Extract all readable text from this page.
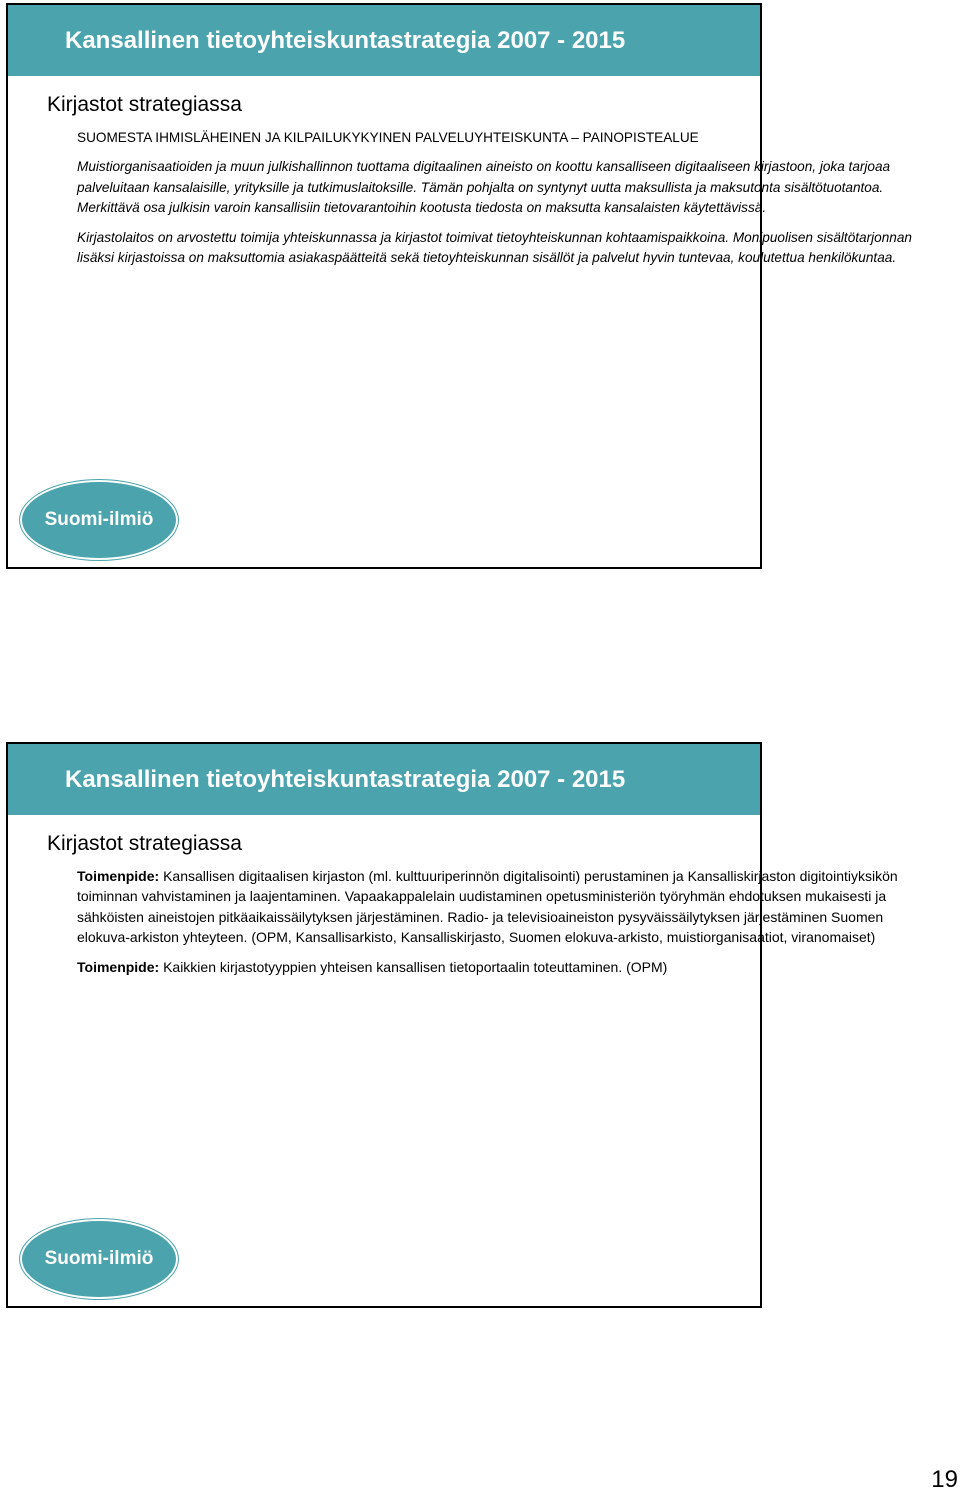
Kansallinen tietoyhteiskuntastrategia 2007 - 2015
Kirjastot strategiassa
Suomi-ilmiö

SUOMESTA IHMISLÄHEINEN JA KILPAILUKYKYINEN PALVELUYHTEISKUNTA – PAINOPISTEALUE

Muistiorganisaatioiden ja muun julkishallinnon tuottama digitaalinen aineisto on koottu kansalliseen digitaaliseen kirjastoon, joka tarjoaa palveluitaan kansalaisille, yrityksille ja tutkimuslaitoksille. Tämän pohjalta on syntynyt uutta maksullista ja maksutonta sisältötuotantoa. Merkittävä osa julkisin varoin kansallisiin tietovarantoihin kootusta tiedosta on maksutta kansalaisten käytettävissä.

Kirjastolaitos on arvostettu toimija yhteiskunnassa ja kirjastot toimivat tietoyhteiskunnan kohtaamispaikkoina. Monipuolisen sisältötarjonnan lisäksi kirjastoissa on maksuttomia asiakaspäätteitä sekä tietoyhteiskunnan sisällöt ja palvelut hyvin tuntevaa, koulutettua henkilökuntaa.

Kansallinen tietoyhteiskuntastrategia 2007 - 2015
Kirjastot strategiassa
Suomi-ilmiö

Toimenpide: Kansallisen digitaalisen kirjaston (ml. kulttuuriperinnön digitalisointi) perustaminen ja Kansalliskirjaston digitointiyksikön toiminnan vahvistaminen ja laajentaminen. Vapaakappalelain uudistaminen opetusministeriön työryhmän ehdotuksen mukaisesti ja sähköisten aineistojen pitkäaikaissäilytyksen järjestäminen. Radio- ja televisioaineiston pysyväissäilytyksen järjestäminen Suomen elokuva-arkiston yhteyteen. (OPM, Kansallisarkisto, Kansalliskirjasto, Suomen elokuva-arkisto, muistiorganisaatiot, viranomaiset)

Toimenpide: Kaikkien kirjastotyyppien yhteisen kansallisen tietoportaalin toteuttaminen. (OPM)

19
